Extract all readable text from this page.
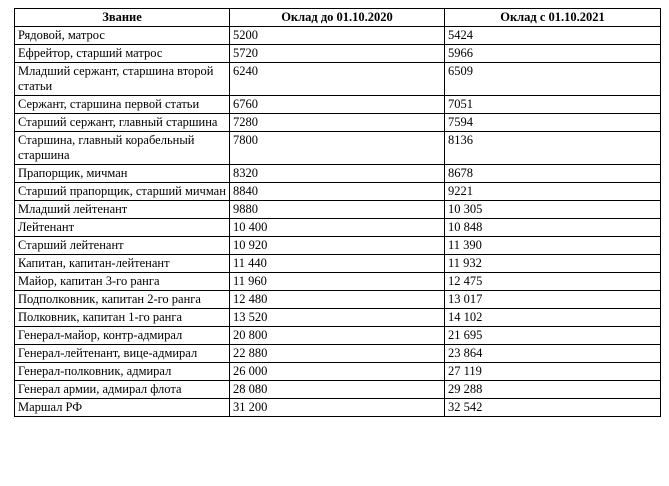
Звание	Оклад до 01.10.2020	Оклад с 01.10.2021
Рядовой, матрос	5200	5424
Ефрейтор, старший матрос	5720	5966
Младший сержант, старшина второй статьи	6240	6509
Сержант, старшина первой статьи	6760	7051
Старший сержант, главный старшина	7280	7594
Старшина, главный корабельный старшина	7800	8136
Прапорщик, мичман	8320	8678
Старший прапорщик, старший мичман	8840	9221
Младший лейтенант	9880	10 305
Лейтенант	10 400	10 848
Старший лейтенант	10 920	11 390
Капитан, капитан-лейтенант	11 440	11 932
Майор, капитан 3-го ранга	11 960	12 475
Подполковник, капитан 2-го ранга	12 480	13 017
Полковник, капитан 1-го ранга	13 520	14 102
Генерал-майор, контр-адмирал	20 800	21 695
Генерал-лейтенант, вице-адмирал	22 880	23 864
Генерал-полковник, адмирал	26 000	27 119
Генерал армии, адмирал флота	28 080	29 288
Маршал РФ	31 200	32 542
